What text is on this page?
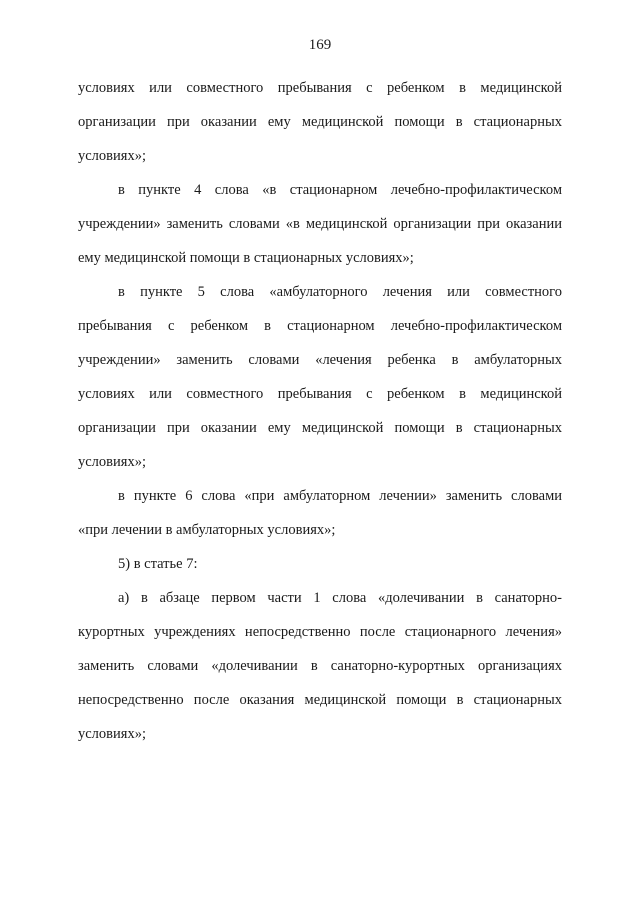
169

условиях или совместного пребывания с ребенком в медицинской
организации при оказании ему медицинской помощи в стационарных
условиях»;

в пункте 4 слова «в стационарном лечебно-профилактическом
учреждении» заменить словами «в медицинской организации при оказании
ему медицинской помощи в стационарных условиях»;

в пункте 5 слова «амбулаторного лечения или совместного
пребывания с ребенком в стационарном лечебно-профилактическом
учреждении» заменить словами «лечения ребенка в амбулаторных
условиях или совместного пребывания с ребенком в медицинской
организации при оказании ему медицинской помощи в стационарных
условиях»;

в пункте 6 слова «при амбулаторном лечении» заменить словами
«при лечении в амбулаторных условиях»;

5) в статье 7:

а) в абзаце первом части 1 слова «долечивании в санаторно-
курортных учреждениях непосредственно после стационарного лечения»
заменить словами «долечивании в санаторно-курортных организациях
непосредственно после оказания медицинской помощи в стационарных
условиях»;
